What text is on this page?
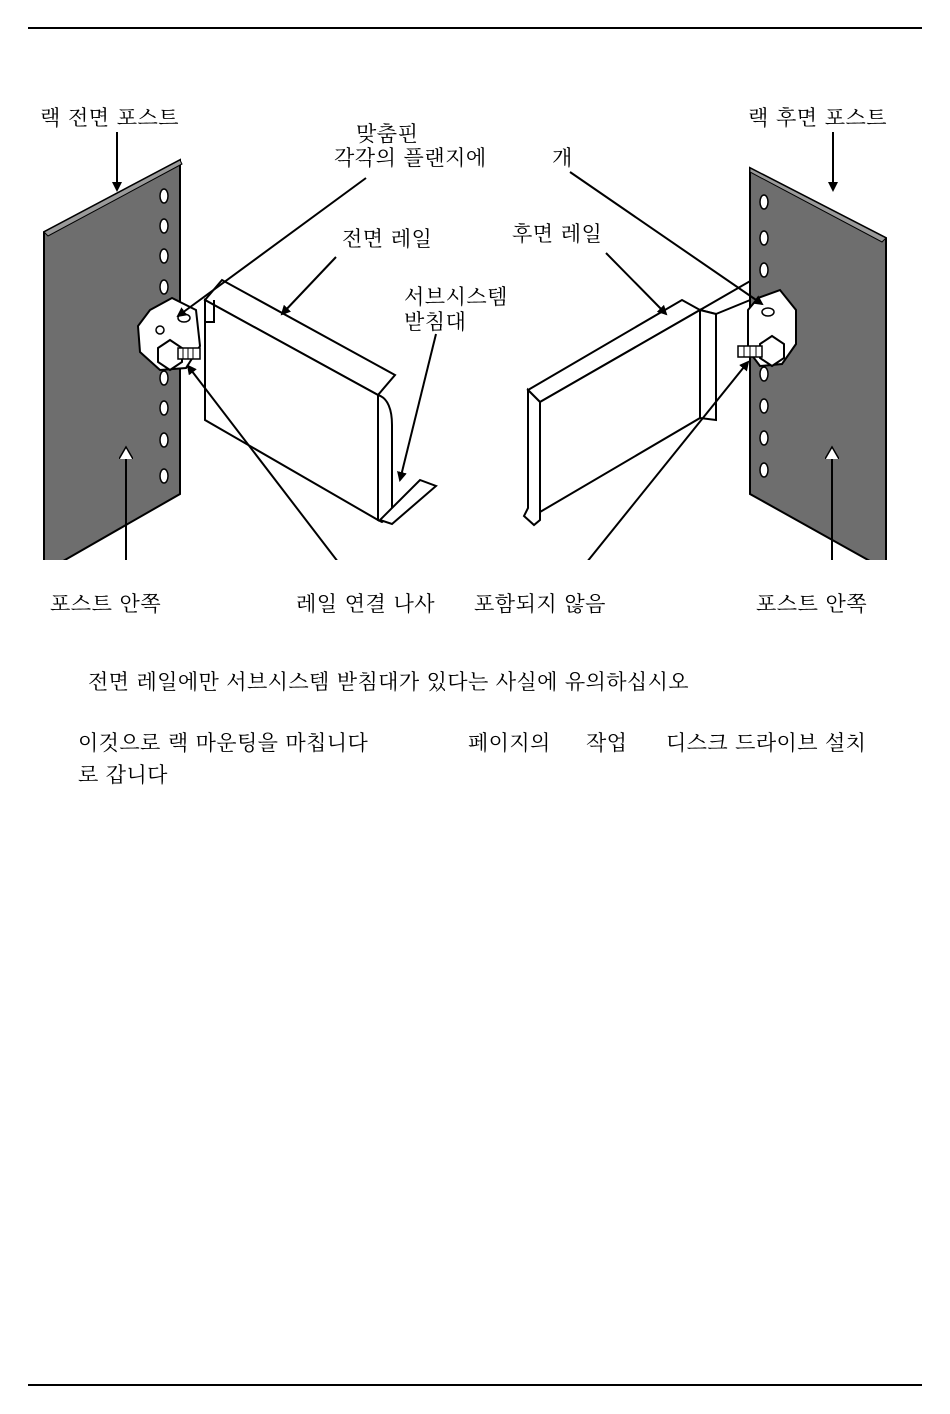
랙 전면 포스트	랙 후면 포스트
맞춤핀
각각의 플랜지에	개
전면 레일	후면 레일
서브시스템
받침대
포스트 안쪽	레일 연결 나사 포함되지 않음	포스트 안쪽
전면 레일에만 서브시스템 받침대가 있다는 사실에 유의하십시오
이것으로 랙 마운팅을 마칩니다	페이지의 작업 디스크 드라이브 설치
로 갑니다
